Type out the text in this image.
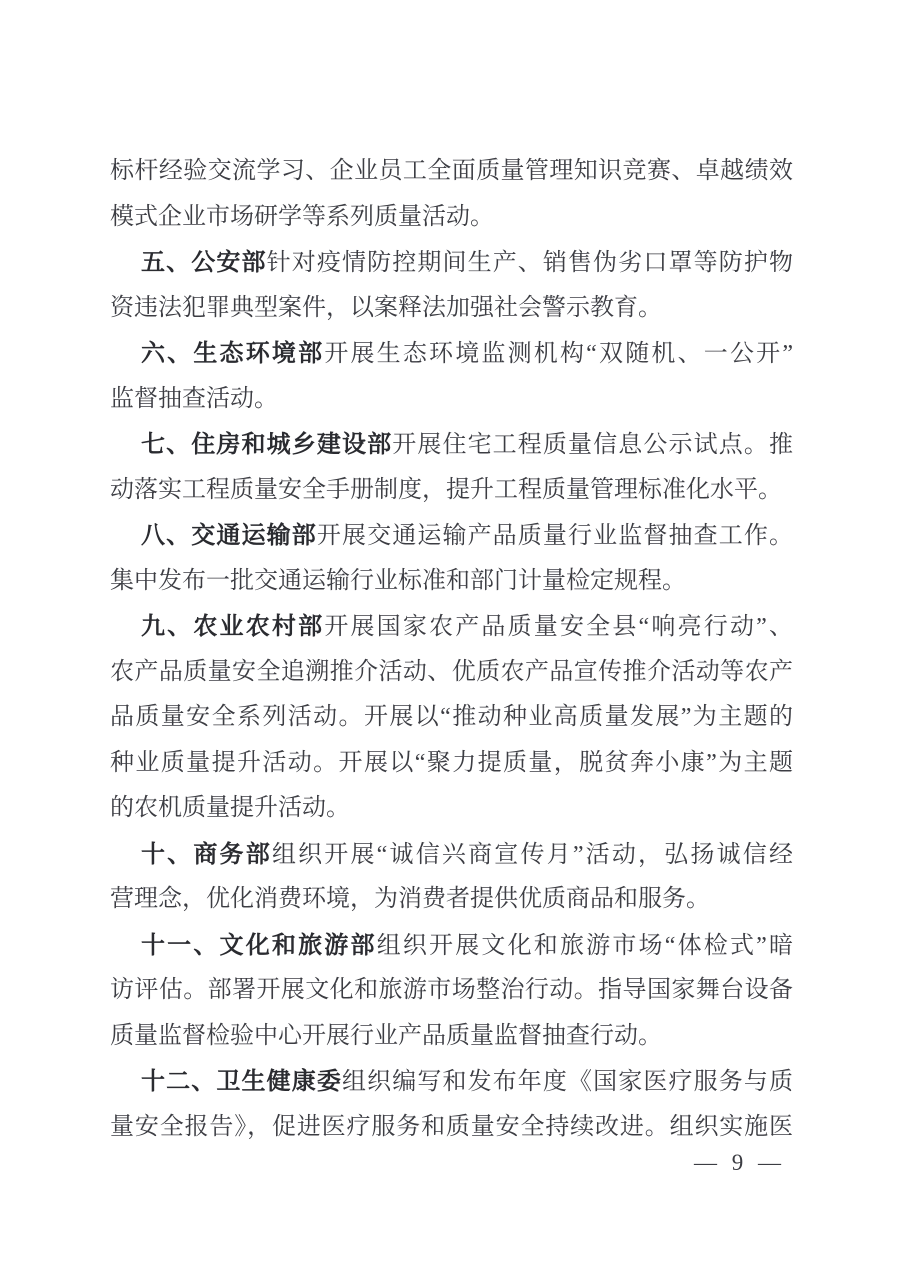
标杆经验交流学习、企业员工全面质量管理知识竞赛、卓越绩效
模式企业市场研学等系列质量活动。
五、公安部针对疫情防控期间生产、销售伪劣口罩等防护物
资违法犯罪典型案件，以案释法加强社会警示教育。
六、生态环境部开展生态环境监测机构“双随机、一公开”
监督抽查活动。
七、住房和城乡建设部开展住宅工程质量信息公示试点。推
动落实工程质量安全手册制度，提升工程质量管理标准化水平。
八、交通运输部开展交通运输产品质量行业监督抽查工作。
集中发布一批交通运输行业标准和部门计量检定规程。
九、农业农村部开展国家农产品质量安全县“响亮行动”、
农产品质量安全追溯推介活动、优质农产品宣传推介活动等农产
品质量安全系列活动。开展以“推动种业高质量发展”为主题的
种业质量提升活动。开展以“聚力提质量，脱贫奔小康”为主题
的农机质量提升活动。
十、商务部组织开展“诚信兴商宣传月”活动，弘扬诚信经
营理念，优化消费环境，为消费者提供优质商品和服务。
十一、文化和旅游部组织开展文化和旅游市场“体检式”暗
访评估。部署开展文化和旅游市场整治行动。指导国家舞台设备
质量监督检验中心开展行业产品质量监督抽查行动。
十二、卫生健康委组织编写和发布年度《国家医疗服务与质
量安全报告》，促进医疗服务和质量安全持续改进。组织实施医
— 9 —
